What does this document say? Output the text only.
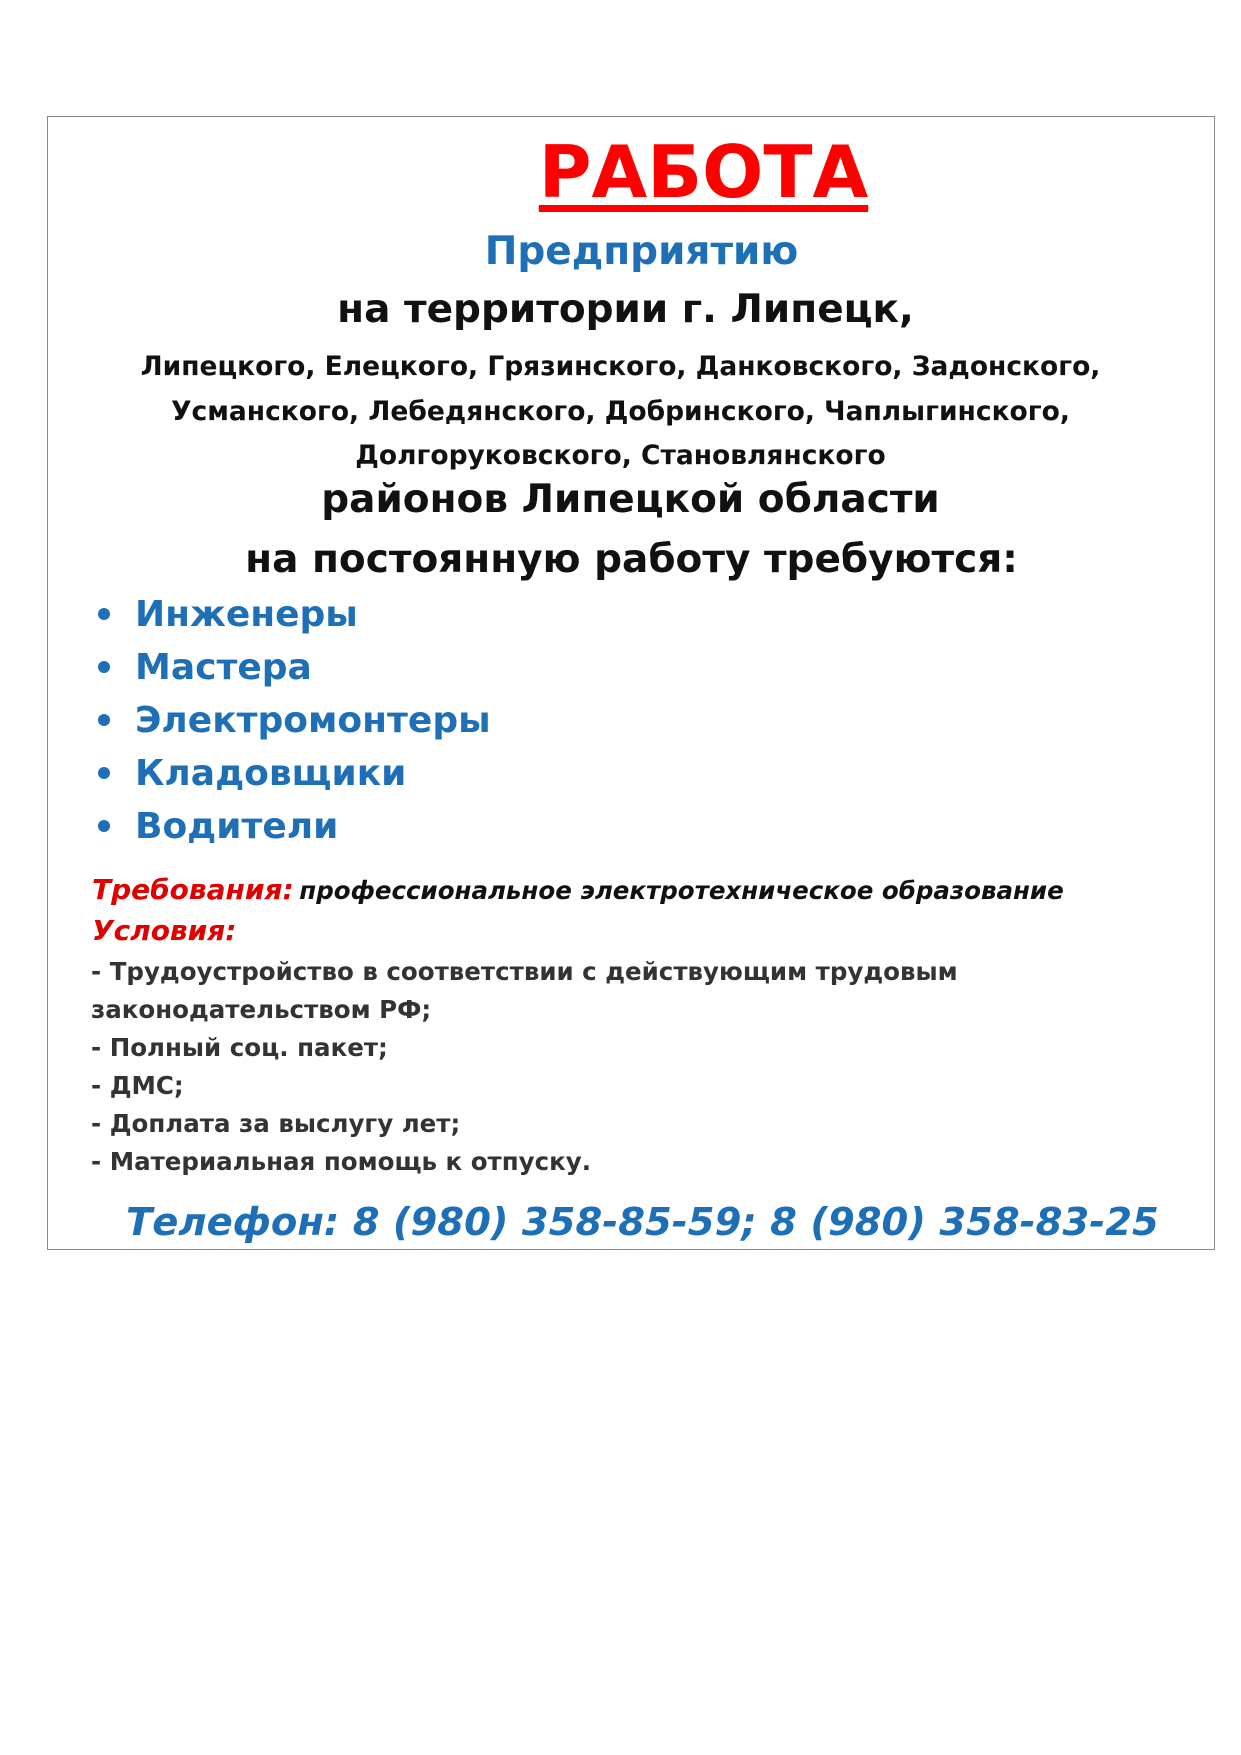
РАБОТА
Предприятию
на территории г. Липецк,
Липецкого, Елецкого, Грязинского, Данковского, Задонского,
Усманского, Лебедянского, Добринского, Чаплыгинского,
Долгоруковского, Становлянского
районов Липецкой области
на постоянную работу требуются:
Инженеры
Мастера
Электромонтеры
Кладовщики
Водители
Требования: профессиональное электротехническое образование
Условия:
- Трудоустройство в соответствии с действующим трудовым
законодательством РФ;
- Полный соц. пакет;
- ДМС;
- Доплата за выслугу лет;
- Материальная помощь к отпуску.
Телефон: 8 (980) 358-85-59; 8 (980) 358-83-25
